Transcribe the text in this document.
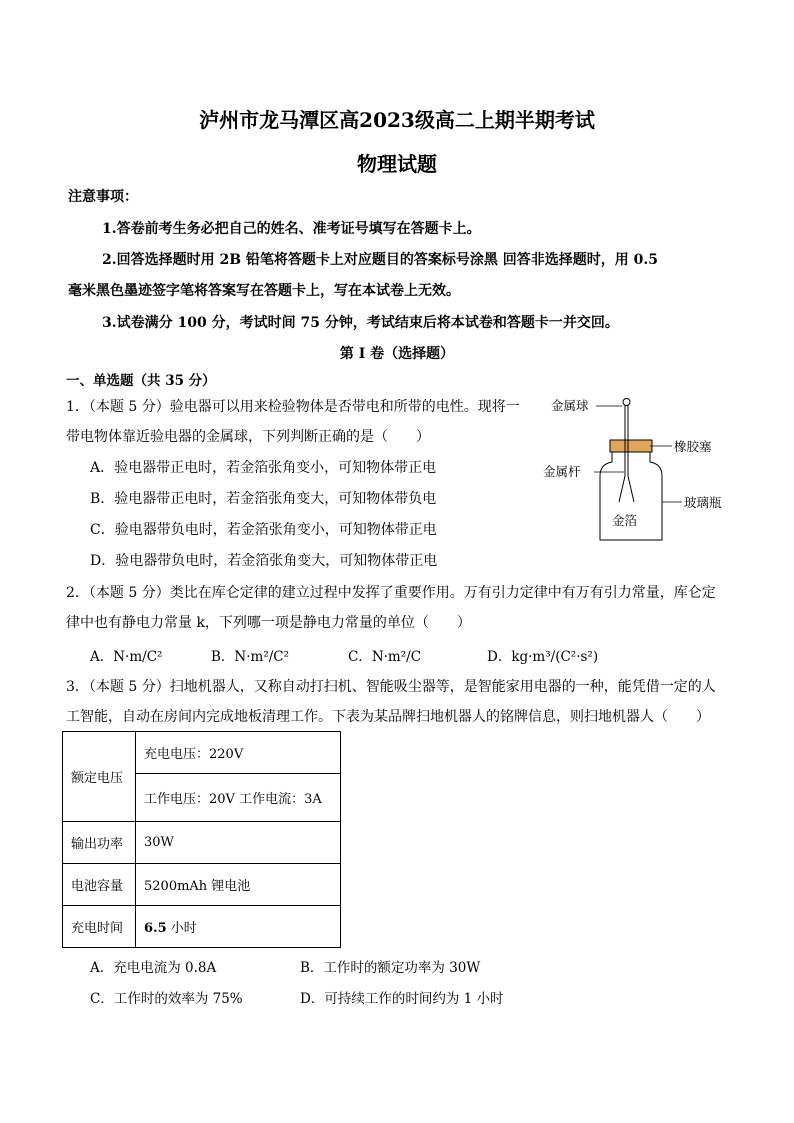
泸州市龙马潭区高2023级高二上期半期考试
物理试题
注意事项：
1.答卷前考生务必把自己的姓名、准考证号填写在答题卡上。
2.回答选择题时用 2B 铅笔将答题卡上对应题目的答案标号涂黑 回答非选择题时，用 0.5
毫米黑色墨迹签字笔将答案写在答题卡上，写在本试卷上无效。
3.试卷满分 100 分，考试时间 75 分钟，考试结束后将本试卷和答题卡一并交回。
第 I 卷（选择题）
一、单选题（共 35 分）
1．（本题 5 分）验电器可以用来检验物体是否带电和所带的电性。现将一
带电物体靠近验电器的金属球，下列判断正确的是（　　）
A．验电器带正电时，若金箔张角变小，可知物体带正电
B．验电器带正电时，若金箔张角变大，可知物体带负电
C．验电器带负电时，若金箔张角变小，可知物体带正电
D．验电器带负电时，若金箔张角变大，可知物体带正电
金属球
橡胶塞
金属杆
玻璃瓶
金箔
2．（本题 5 分）类比在库仑定律的建立过程中发挥了重要作用。万有引力定律中有万有引力常量，库仑定
律中也有静电力常量 k，下列哪一项是静电力常量的单位（　　）
A．N·m/C²	B．N·m²/C²	C．N·m²/C	D．kg·m³/(C²·s²)
3．（本题 5 分）扫地机器人，又称自动打扫机、智能吸尘器等，是智能家用电器的一种，能凭借一定的人
工智能，自动在房间内完成地板清理工作。下表为某品牌扫地机器人的铭牌信息，则扫地机器人（　　）
额定电压	充电电压：220V
	工作电压：20V 工作电流：3A
输出功率	30W
电池容量	5200mAh 锂电池
充电时间	6.5 小时
A．充电电流为 0.8A	B．工作时的额定功率为 30W
C．工作时的效率为 75%	D．可持续工作的时间约为 1 小时
